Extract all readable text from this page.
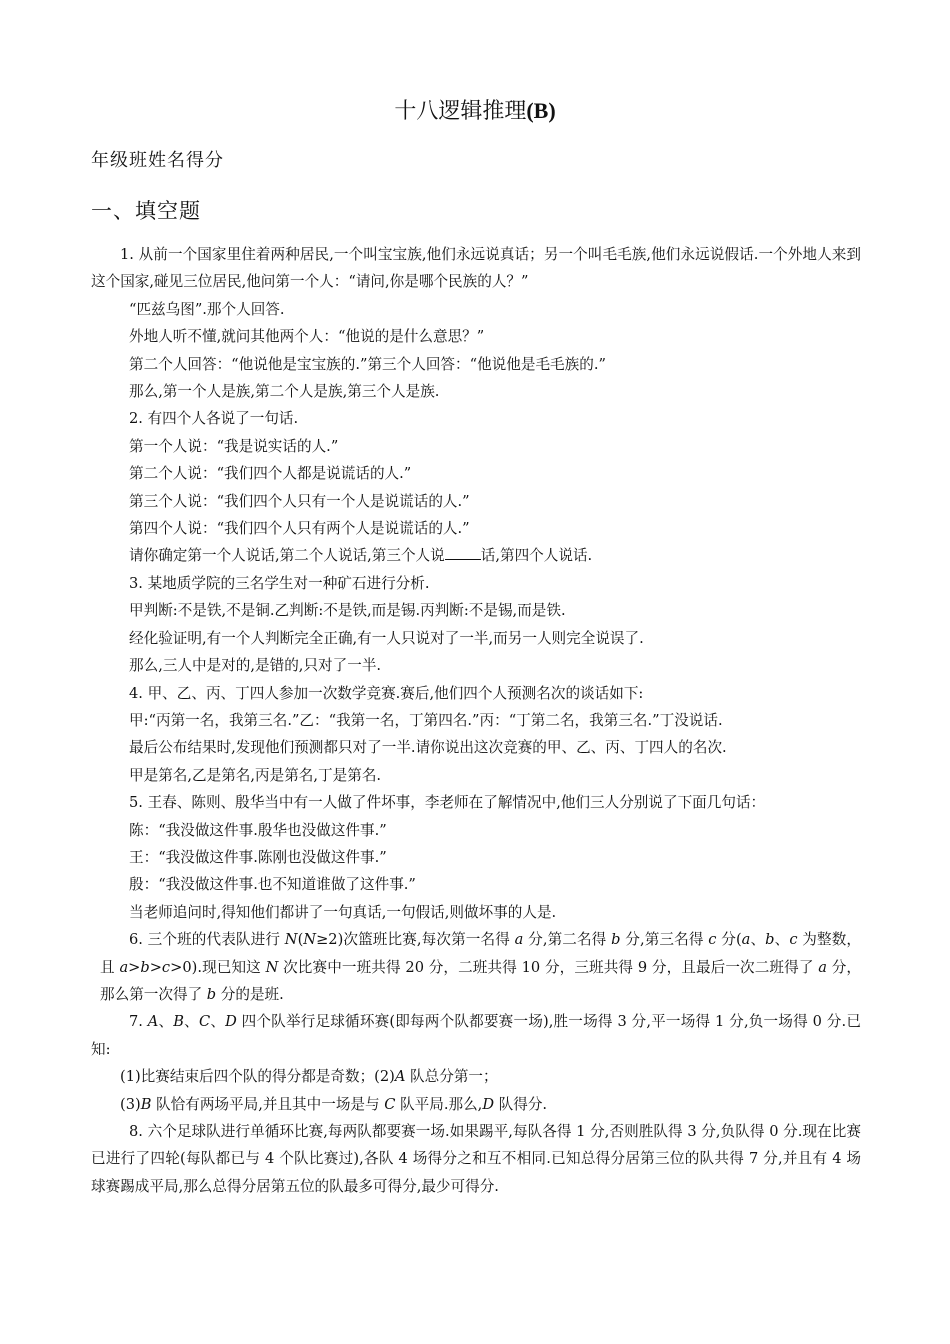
十八逻辑推理(B)
年级班姓名得分
一、填空题

1. 从前一个国家里住着两种居民,一个叫宝宝族,他们永远说真话；另一个叫毛毛族,他们永远说假话.一个外地人来到这个国家,碰见三位居民,他问第一个人：“请问,你是哪个民族的人？”

“匹兹乌图”.那个人回答.

外地人听不懂,就问其他两个人：“他说的是什么意思？”

第二个人回答：“他说他是宝宝族的.”第三个人回答：“他说他是毛毛族的.”

那么,第一个人是族,第二个人是族,第三个人是族.

2. 有四个人各说了一句话.

第一个人说：“我是说实话的人.”

第二个人说：“我们四个人都是说谎话的人.”

第三个人说：“我们四个人只有一个人是说谎话的人.”

第四个人说：“我们四个人只有两个人是说谎话的人.”

请你确定第一个人说话,第二个人说话,第三个人说 话,第四个人说话.

3. 某地质学院的三名学生对一种矿石进行分析.

甲判断:不是铁,不是铜.乙判断:不是铁,而是锡.丙判断:不是锡,而是铁.

经化验证明,有一个人判断完全正确,有一人只说对了一半,而另一人则完全说误了.

那么,三人中是对的,是错的,只对了一半.

4. 甲、乙、丙、丁四人参加一次数学竞赛.赛后,他们四个人预测名次的谈话如下:

甲:“丙第一名，我第三名.”乙：“我第一名，丁第四名.”丙：“丁第二名，我第三名.”丁没说话.

最后公布结果时,发现他们预测都只对了一半.请你说出这次竞赛的甲、乙、丙、丁四人的名次.

甲是第名,乙是第名,丙是第名,丁是第名.

5. 王春、陈则、殷华当中有一人做了件坏事，李老师在了解情况中,他们三人分别说了下面几句话：

陈：“我没做这件事.殷华也没做这件事.”

王：“我没做这件事.陈刚也没做这件事.”

殷：“我没做这件事.也不知道谁做了这件事.”

当老师追问时,得知他们都讲了一句真话,一句假话,则做坏事的人是.

6. 三个班的代表队进行 N(N≥2)次篮班比赛,每次第一名得 a 分,第二名得 b 分,第三名得 c 分(a、b、c 为整数，且 a>b>c>0).现已知这 N 次比赛中一班共得 20 分，二班共得 10 分，三班共得 9 分，且最后一次二班得了 a 分，那么第一次得了 b 分的是班.

7. A、B、C、D 四个队举行足球循环赛(即每两个队都要赛一场),胜一场得 3 分,平一场得 1 分,负一场得 0 分.已知:

(1)比赛结束后四个队的得分都是奇数；(2)A 队总分第一；

(3)B 队恰有两场平局,并且其中一场是与 C 队平局.那么,D 队得分.

8. 六个足球队进行单循环比赛,每两队都要赛一场.如果踢平,每队各得 1 分,否则胜队得 3 分,负队得 0 分.现在比赛已进行了四轮(每队都已与 4 个队比赛过),各队 4 场得分之和互不相同.已知总得分居第三位的队共得 7 分,并且有 4 场球赛踢成平局,那么总得分居第五位的队最多可得分,最少可得分.
